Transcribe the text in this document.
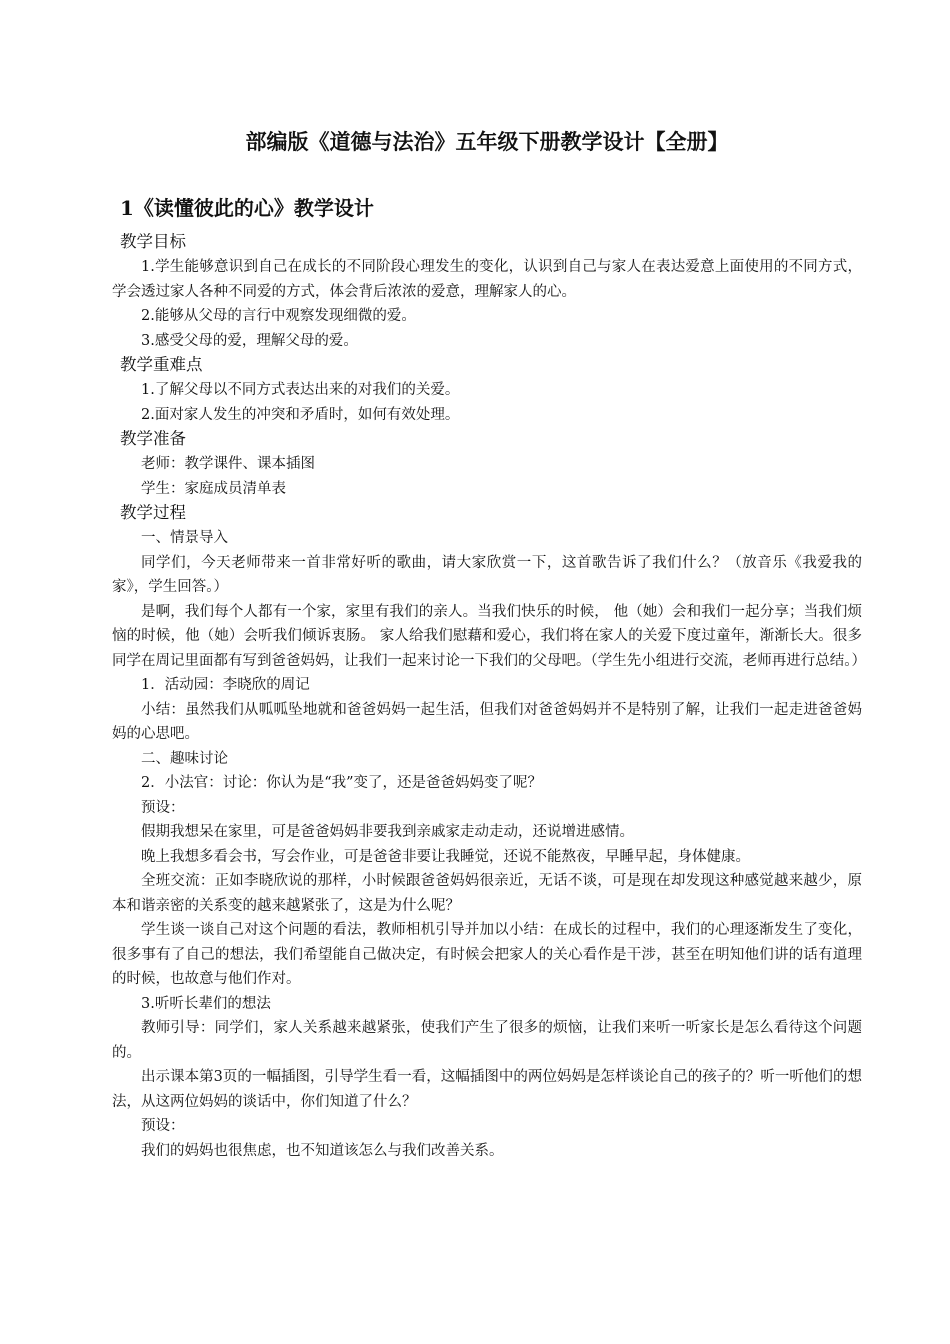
部编版《道德与法治》五年级下册教学设计【全册】
1《读懂彼此的心》教学设计
教学目标

1.学生能够意识到自己在成长的不同阶段心理发生的变化，认识到自己与家人在表达爱意上面使用的不同方式，学会透过家人各种不同爱的方式，体会背后浓浓的爱意，理解家人的心。

2.能够从父母的言行中观察发现细微的爱。

3.感受父母的爱，理解父母的爱。

教学重难点

1.了解父母以不同方式表达出来的对我们的关爱。

2.面对家人发生的冲突和矛盾时，如何有效处理。

教学准备

老师：教学课件、课本插图

学生：家庭成员清单表

教学过程

一、情景导入

同学们，今天老师带来一首非常好听的歌曲，请大家欣赏一下，这首歌告诉了我们什么？（放音乐《我爱我的家》，学生回答。）

是啊，我们每个人都有一个家，家里有我们的亲人。当我们快乐的时候， 他（她）会和我们一起分享；当我们烦恼的时候，他（她）会听我们倾诉衷肠。 家人给我们慰藉和爱心，我们将在家人的关爱下度过童年，渐渐长大。很多同学在周记里面都有写到爸爸妈妈，让我们一起来讨论一下我们的父母吧。（学生先小组进行交流，老师再进行总结。）

1．活动园：李晓欣的周记

小结：虽然我们从呱呱坠地就和爸爸妈妈一起生活，但我们对爸爸妈妈并不是特别了解，让我们一起走进爸爸妈妈的心思吧。

二、趣味讨论

2．小法官：讨论：你认为是“我”变了，还是爸爸妈妈变了呢？

预设：

假期我想呆在家里，可是爸爸妈妈非要我到亲戚家走动走动，还说增进感情。

晚上我想多看会书，写会作业，可是爸爸非要让我睡觉，还说不能熬夜，早睡早起，身体健康。

全班交流：正如李晓欣说的那样，小时候跟爸爸妈妈很亲近，无话不谈，可是现在却发现这种感觉越来越少，原本和谐亲密的关系变的越来越紧张了，这是为什么呢？

学生谈一谈自己对这个问题的看法，教师相机引导并加以小结：在成长的过程中，我们的心理逐渐发生了变化，很多事有了自己的想法，我们希望能自己做决定，有时候会把家人的关心看作是干涉，甚至在明知他们讲的话有道理的时候，也故意与他们作对。

3.听听长辈们的想法

教师引导：同学们，家人关系越来越紧张，使我们产生了很多的烦恼，让我们来听一听家长是怎么看待这个问题的。

出示课本第3页的一幅插图，引导学生看一看，这幅插图中的两位妈妈是怎样谈论自己的孩子的？听一听他们的想法，从这两位妈妈的谈话中，你们知道了什么？

预设：

我们的妈妈也很焦虑，也不知道该怎么与我们改善关系。
